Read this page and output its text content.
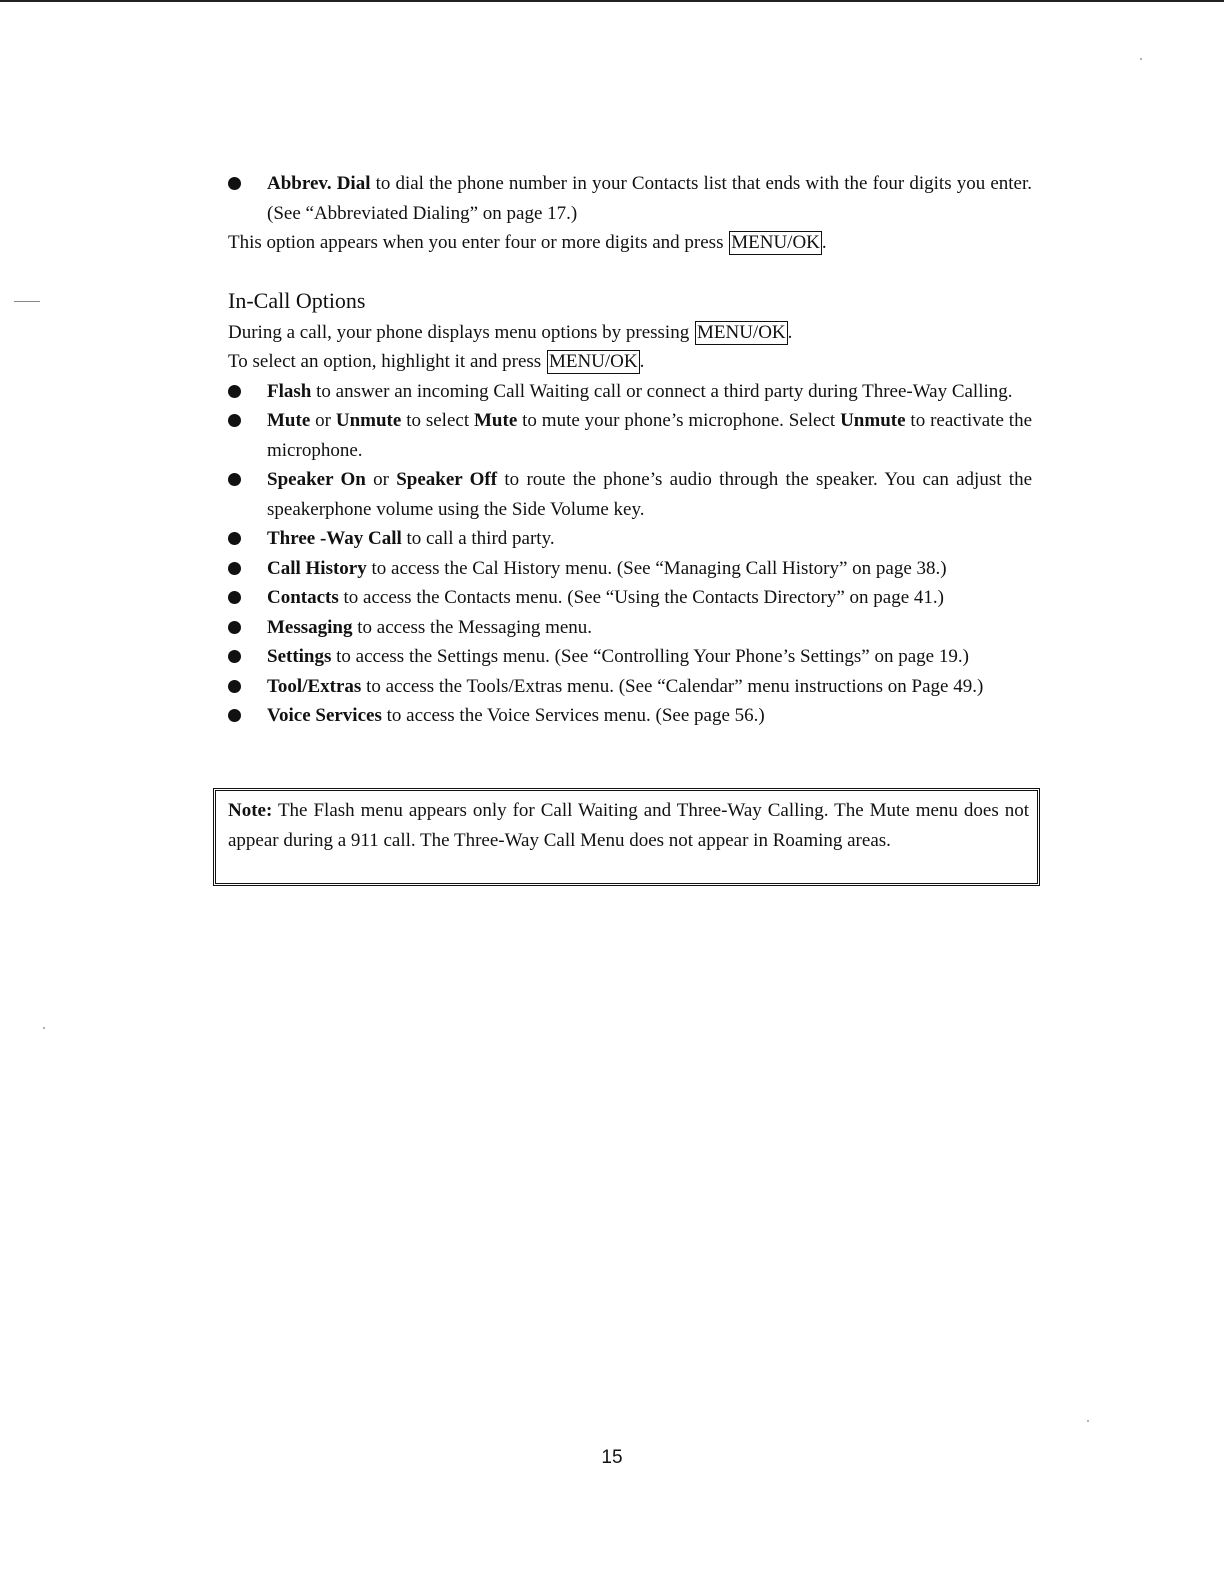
Abbrev. Dial to dial the phone number in your Contacts list that ends with the four digits you enter. (See “Abbreviated Dialing” on page 17.)

This option appears when you enter four or more digits and press MENU/OK .

In-Call Options

During a call, your phone displays menu options by pressing MENU/OK .

To select an option, highlight it and press MENU/OK .

Flash to answer an incoming Call Waiting call or connect a third party during Three-Way Calling.
Mute or Unmute to select Mute to mute your phone’s microphone. Select Unmute to reactivate the microphone.
Speaker On or Speaker Off to route the phone’s audio through the speaker. You can adjust the speakerphone volume using the Side Volume key.
Three -Way Call to call a third party.
Call History to access the Cal History menu. (See “Managing Call History” on page 38.)
Contacts to access the Contacts menu. (See “Using the Contacts Directory” on page 41.)
Messaging to access the Messaging menu.
Settings to access the Settings menu. (See “Controlling Your Phone’s Settings” on page 19.)
Tool/Extras to access the Tools/Extras menu. (See “Calendar” menu instructions on Page 49.)
Voice Services to access the Voice Services menu. (See page 56.)
Note: The Flash menu appears only for Call Waiting and Three-Way Calling. The Mute menu does not appear during a 911 call. The Three-Way Call Menu does not appear in Roaming areas.
15
